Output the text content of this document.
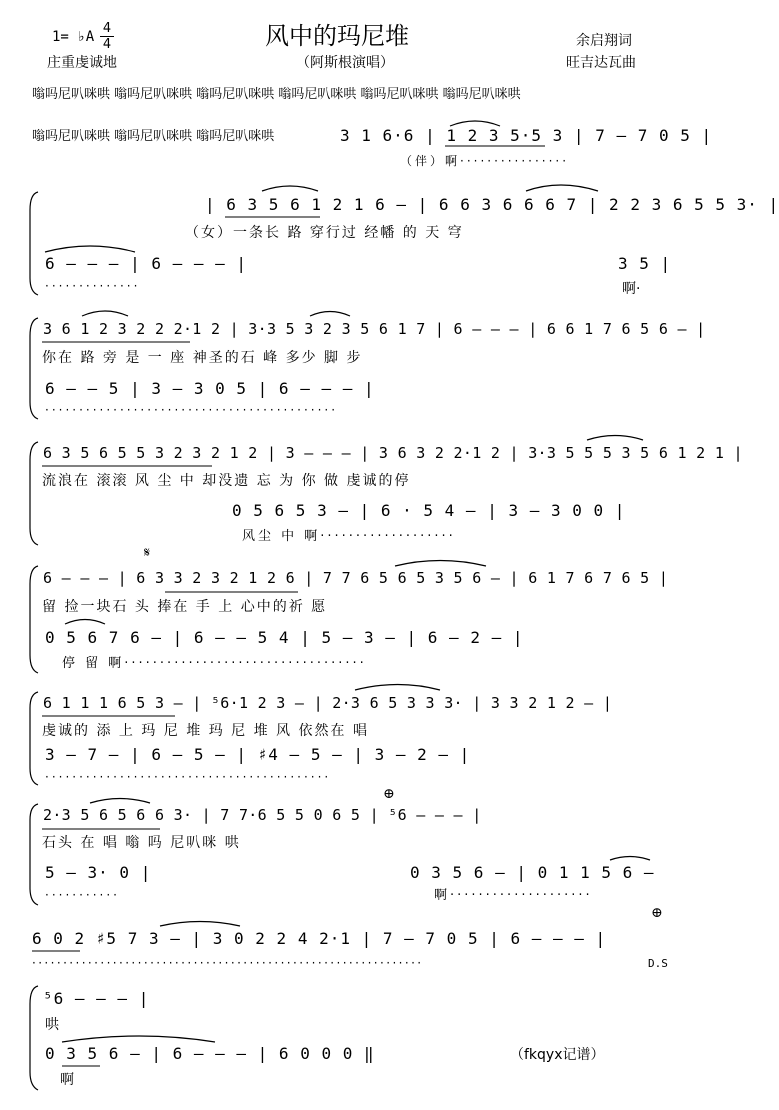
1= ♭A
4
4
庄重虔诚地
风中的玛尼堆
（阿斯根演唱）
余启翔词
旺吉达瓦曲
嗡吗尼叭咪哄 嗡吗尼叭咪哄 嗡吗尼叭咪哄 嗡吗尼叭咪哄 嗡吗尼叭咪哄 嗡吗尼叭咪哄
嗡吗尼叭咪哄 嗡吗尼叭咪哄 嗡吗尼叭咪哄	3 1 6·6 | 1 2 3 5·5 3 | 7 – 7 0 5 |
（伴）啊················
| 6 3 5 6 1 2 1 6 – | 6 6 3 6 6 6 7 | 2 2 3 6 5 5 3· |
（女）一条长 路 穿行过 经幡 的 天 穹
6 – – – | 6 – – – |	3 5 |
··············	啊·
3 6 1 2 3 2 2 2·1 2 | 3·3 5 3 2 3 5 6 1 7 | 6 – – – | 6 6 1 7 6 5 6 – |
你在 路 旁 是 一 座 神圣的石 峰 多少 脚 步
6 – – 5 | 3 – 3 0 5 | 6 – – – |
···········································
6 3 5 6 5 5 3 2 3 2 1 2 | 3 – – – | 3 6 3 2 2·1 2 | 3·3 5 5 5 3 5 6 1 2 1 |
流浪在 滚滚 风 尘 中 却没遗 忘 为 你 做 虔诚的停
0 5 6 5 3 – | 6 · 5 4 – | 3 – 3 0 0 |
风尘 中 啊···················
𝄋
6 – – – | 6 3 3 2 3 2 1 2 6 | 7 7 6 5 6 5 3 5 6 – | 6 1 7 6 7 6 5 |
留 捡一块石 头 捧在 手 上 心中的祈 愿
0 5 6 7 6 – | 6 – – 5 4 | 5 – 3 – | 6 – 2 – |
停 留 啊··································
6 1 1 1 6 5 3 – | ⁵⁮6·1 2 3 – | 2·3 6 5 3 3 3· | 3 3 2 1 2 – |
虔诚的 添 上 玛 尼 堆 玛 尼 堆 风 依然在 唱
3 – 7 – | 6 – 5 – | ♯4 – 5 – | 3 – 2 – |
··········································
⊕
2·3 5 6 5 6 6 3· | 7 7·6 5 5 0 6 5 | ⁵⁮6 – – – |
石头 在 唱 嗡 吗 尼叭咪 哄
5 – 3· 0 |	0 3 5 6 – | 0 1 1 5 6 –
···········	啊····················
⊕
6 0 2 ♯5 7 3 – | 3 0 2 2 4 2·1 | 7 – 7 0 5 | 6 – – – |
·······························································	D.S
⁵⁮6 – – – |
哄
0 3 5 6 – | 6 – – – | 6 0 0 0 ‖
啊
（fkqyx记谱）
